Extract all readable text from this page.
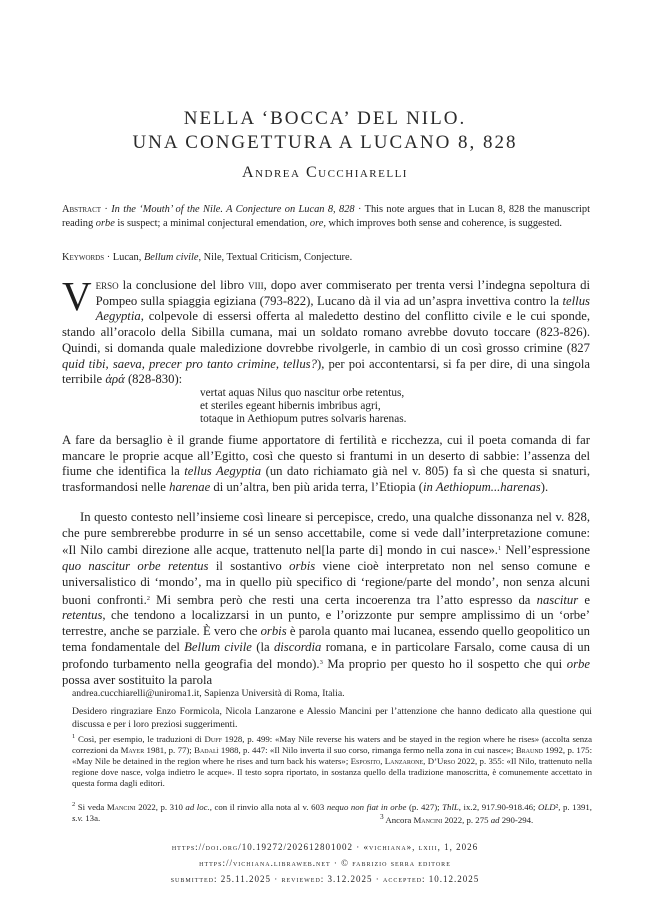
NELLA ‘BOCCA’ DEL NILO.
UNA CONGETTURA A LUCANO 8, 828
Andrea Cucchiarelli
Abstract · In the ‘Mouth’ of the Nile. A Conjecture on Lucan 8, 828 · This note argues that in Lucan 8, 828 the manuscript reading orbe is suspect; a minimal conjectural emendation, ore, which improves both sense and coherence, is suggested.
Keywords · Lucan, Bellum civile, Nile, Textual Criticism, Conjecture.
Verso la conclusione del libro viii, dopo aver commiserato per trenta versi l’indegna sepoltura di Pompeo sulla spiaggia egiziana (793-822), Lucano dà il via ad un’aspra invettiva contro la tellus Aegyptia, colpevole di essersi offerta al maledetto destino del conflitto civile e le cui sponde, stando all’oracolo della Sibilla cumana, mai un soldato romano avrebbe dovuto toccare (823-826). Quindi, si domanda quale maledizione dovrebbe rivolgerle, in cambio di un così grosso crimine (827 quid tibi, saeva, precer pro tanto crimine, tellus?), per poi accontentarsi, si fa per dire, di una singola terribile ἀρά (828-830):
vertat aquas Nilus quo nascitur orbe retentus,
et steriles egeant hibernis imbribus agri,
totaque in Aethiopum putres solvaris harenas.
A fare da bersaglio è il grande fiume apportatore di fertilità e ricchezza, cui il poeta comanda di far mancare le proprie acque all’Egitto, così che questo si frantumi in un deserto di sabbie: l’assenza del fiume che identifica la tellus Aegyptia (un dato richiamato già nel v. 805) fa sì che questa si snaturi, trasformandosi nelle harenae di un’altra, ben più arida terra, l’Etiopia (in Aethiopum...harenas).
In questo contesto nell’insieme così lineare si percepisce, credo, una qualche dissonanza nel v. 828, che pure sembrerebbe produrre in sé un senso accettabile, come si vede dall’interpretazione comune: «Il Nilo cambi direzione alle acque, trattenuto nel[la parte di] mondo in cui nasce».$^1$ Nell’espressione quo nascitur orbe retentus il sostantivo orbis viene cioè interpretato non nel senso comune e universalistico di ‘mondo’, ma in quello più specifico di ‘regione/parte del mondo’, non senza alcuni buoni confronti.$^2$ Mi sembra però che resti una certa incoerenza tra l’atto espresso da nascitur e retentus, che tendono a localizzarsi in un punto, e l’orizzonte pur sempre amplissimo di un ‘orbe’ terrestre, anche se parziale. È vero che orbis è parola quanto mai lucanea, essendo quello geopolitico un tema fondamentale del Bellum civile (la discordia romana, e in particolare Farsalo, come causa di un profondo turbamento nella geografia del mondo).$^3$ Ma proprio per questo ho il sospetto che qui orbe possa aver sostituito la parola
andrea.cucchiarelli@uniroma1.it, Sapienza Università di Roma, Italia.
Desidero ringraziare Enzo Formicola, Nicola Lanzarone e Alessio Mancini per l’attenzione che hanno dedicato alla questione qui discussa e per i loro preziosi suggerimenti.
$^1$ Così, per esempio, le traduzioni di Duff 1928, p. 499: «May Nile reverse his waters and be stayed in the region where he rises» (accolta senza correzioni da Mayer 1981, p. 77); Badalì 1988, p. 447: «Il Nilo inverta il suo corso, rimanga fermo nella zona in cui nasce»; Braund 1992, p. 175: «May Nile be detained in the region where he rises and turn back his waters»; Esposito, Lanzarone, D’Urso 2022, p. 355: «Il Nilo, trattenuto nella regione dove nasce, volga indietro le acque». Il testo sopra riportato, in sostanza quello della tradizione manoscritta, è comunemente accettato in questa forma dagli editori.
$^2$ Si veda Mancini 2022, p. 310 ad loc., con il rinvio alla nota al v. 603 nequo non fiat in orbe (p. 427); ThlL, ix.2, 917.90-918.46; OLD², p. 1391, s.v. 13a.	$^3$ Ancora Mancini 2022, p. 275 ad 290-294.
https://doi.org/10.19272/202612801002 · «vichiana», lxiii, 1, 2026
https://vichiana.libraweb.net · © fabrizio serra editore
submitted: 25.11.2025 · reviewed: 3.12.2025 · accepted: 10.12.2025
